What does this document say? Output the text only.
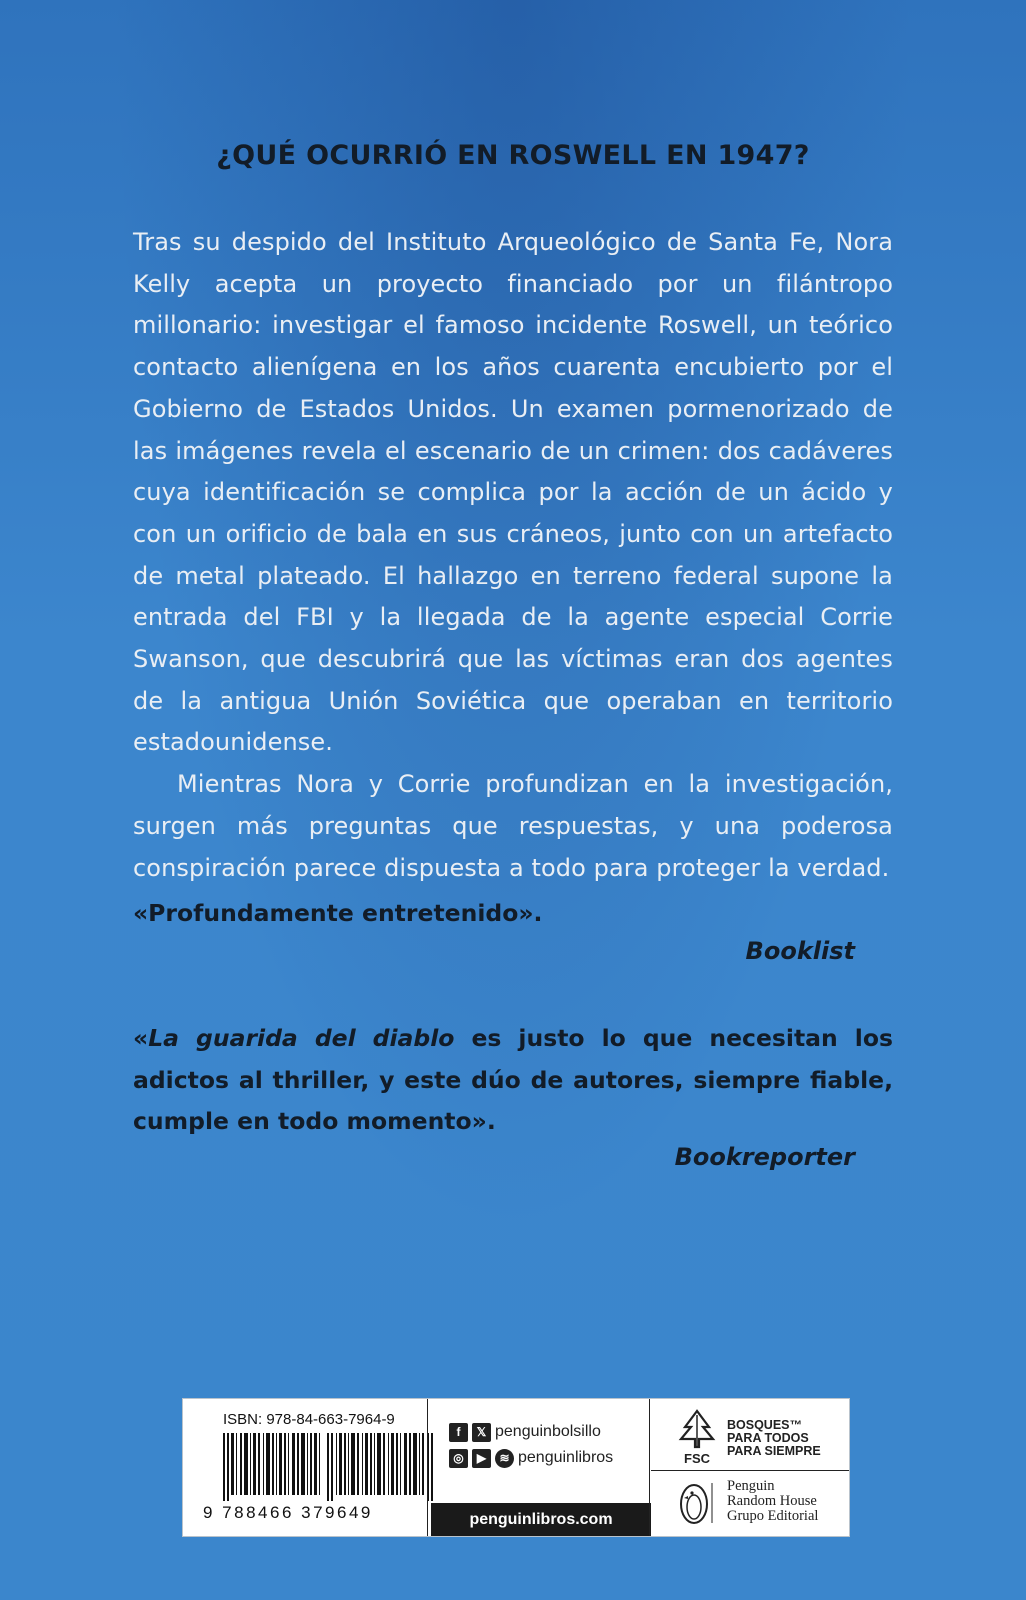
¿QUÉ OCURRIÓ EN ROSWELL EN 1947?

Tras su despido del Instituto Arqueológico de Santa Fe, Nora Kelly acepta un proyecto financiado por un filántropo millonario: investigar el famoso incidente Roswell, un teórico contacto alienígena en los años cuarenta encubierto por el Gobierno de Estados Unidos. Un examen pormenorizado de las imágenes revela el escenario de un crimen: dos cadáveres cuya identificación se complica por la acción de un ácido y con un orificio de bala en sus cráneos, junto con un artefacto de metal plateado. El hallazgo en terreno federal supone la entrada del FBI y la llegada de la agente especial Corrie Swanson, que descubrirá que las víctimas eran dos agentes de la antigua Unión Soviética que operaban en territorio estadounidense.

Mientras Nora y Corrie profundizan en la investigación, surgen más preguntas que respuestas, y una poderosa conspiración parece dispuesta a todo para proteger la verdad.

«Profundamente entretenido».
Booklist
«La guarida del diablo es justo lo que necesitan los adictos al thriller, y este dúo de autores, siempre fiable, cumple en todo momento».
Bookreporter
ISBN: 978-84-663-7964-9
9 788466 379649
f	𝕏 penguinbolsillo
◎	▶	≋ penguinlibros
penguinlibros.com
FSC
BOSQUES™
PARA TODOS
PARA SIEMPRE
Penguin
Random House
Grupo Editorial
